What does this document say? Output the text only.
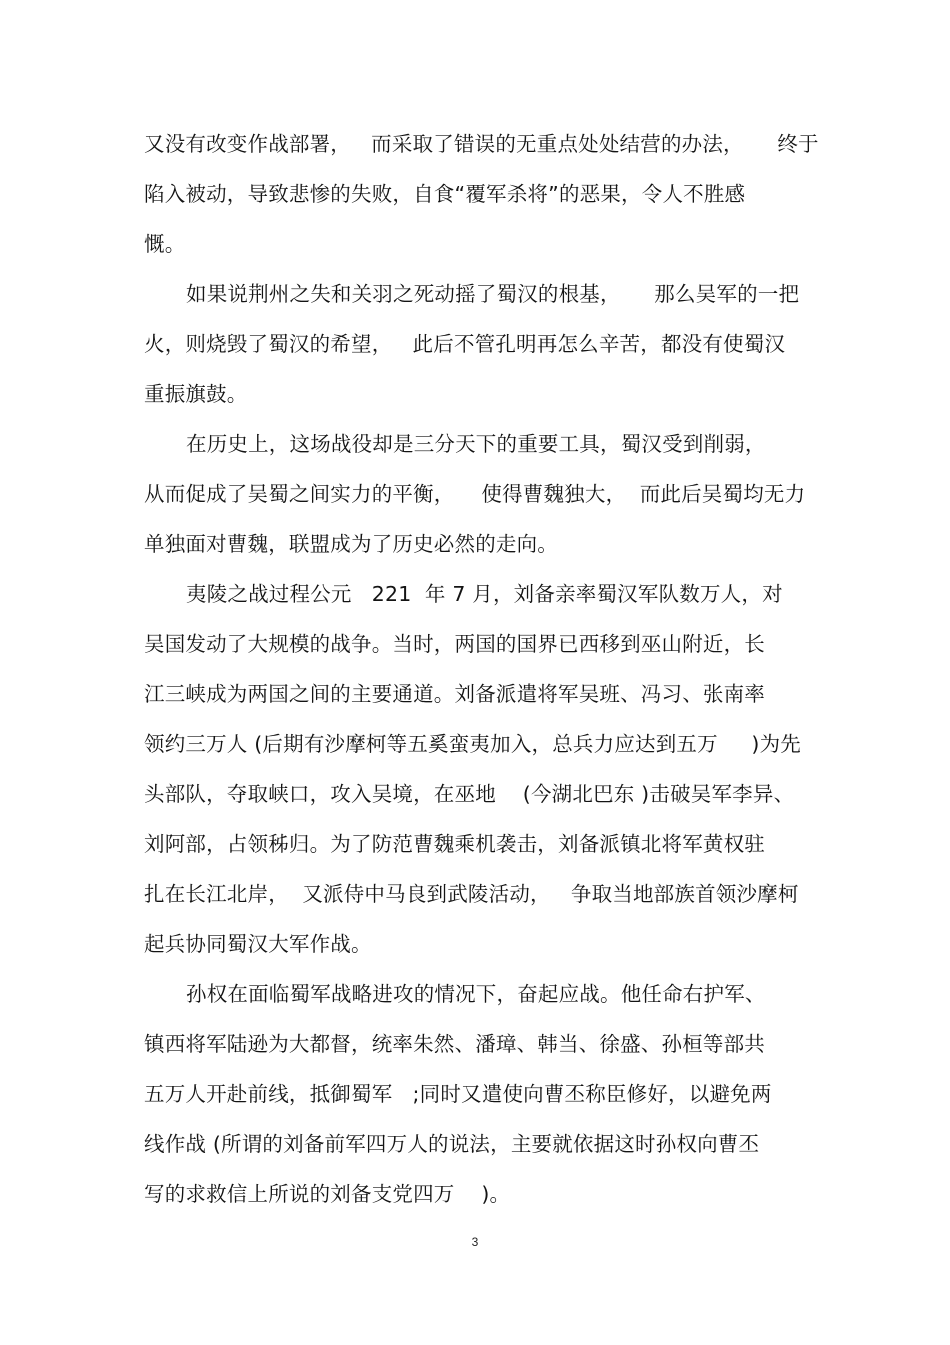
又没有改变作战部署，   而采取了错误的无重点处处结营的办法，     终于
陷入被动，导致悲惨的失败，自食“覆军杀将”的恶果，令人不胜感
慨。
如果说荆州之失和关羽之死动摇了蜀汉的根基，     那么吴军的一把
火，则烧毁了蜀汉的希望，   此后不管孔明再怎么辛苦，都没有使蜀汉
重振旗鼓。
在历史上，这场战役却是三分天下的重要工具，蜀汉受到削弱，
从而促成了吴蜀之间实力的平衡，    使得曹魏独大，  而此后吴蜀均无力
单独面对曹魏，联盟成为了历史必然的走向。
夷陵之战过程公元   221  年 7 月，刘备亲率蜀汉军队数万人，对
吴国发动了大规模的战争。当时，两国的国界已西移到巫山附近，长
江三峡成为两国之间的主要通道。刘备派遣将军吴班、冯习、张南率
领约三万人 (后期有沙摩柯等五奚蛮夷加入，总兵力应达到五万     )为先
头部队，夺取峡口，攻入吴境，在巫地    (今湖北巴东 )击破吴军李异、
刘阿部，占领秭归。为了防范曹魏乘机袭击，刘备派镇北将军黄权驻
扎在长江北岸，  又派侍中马良到武陵活动，   争取当地部族首领沙摩柯
起兵协同蜀汉大军作战。
孙权在面临蜀军战略进攻的情况下，奋起应战。他任命右护军、
镇西将军陆逊为大都督，统率朱然、潘璋、韩当、徐盛、孙桓等部共
五万人开赴前线，抵御蜀军   ;同时又遣使向曹丕称臣修好，以避免两
线作战 (所谓的刘备前军四万人的说法，主要就依据这时孙权向曹丕
写的求救信上所说的刘备支党四万    )。
3
